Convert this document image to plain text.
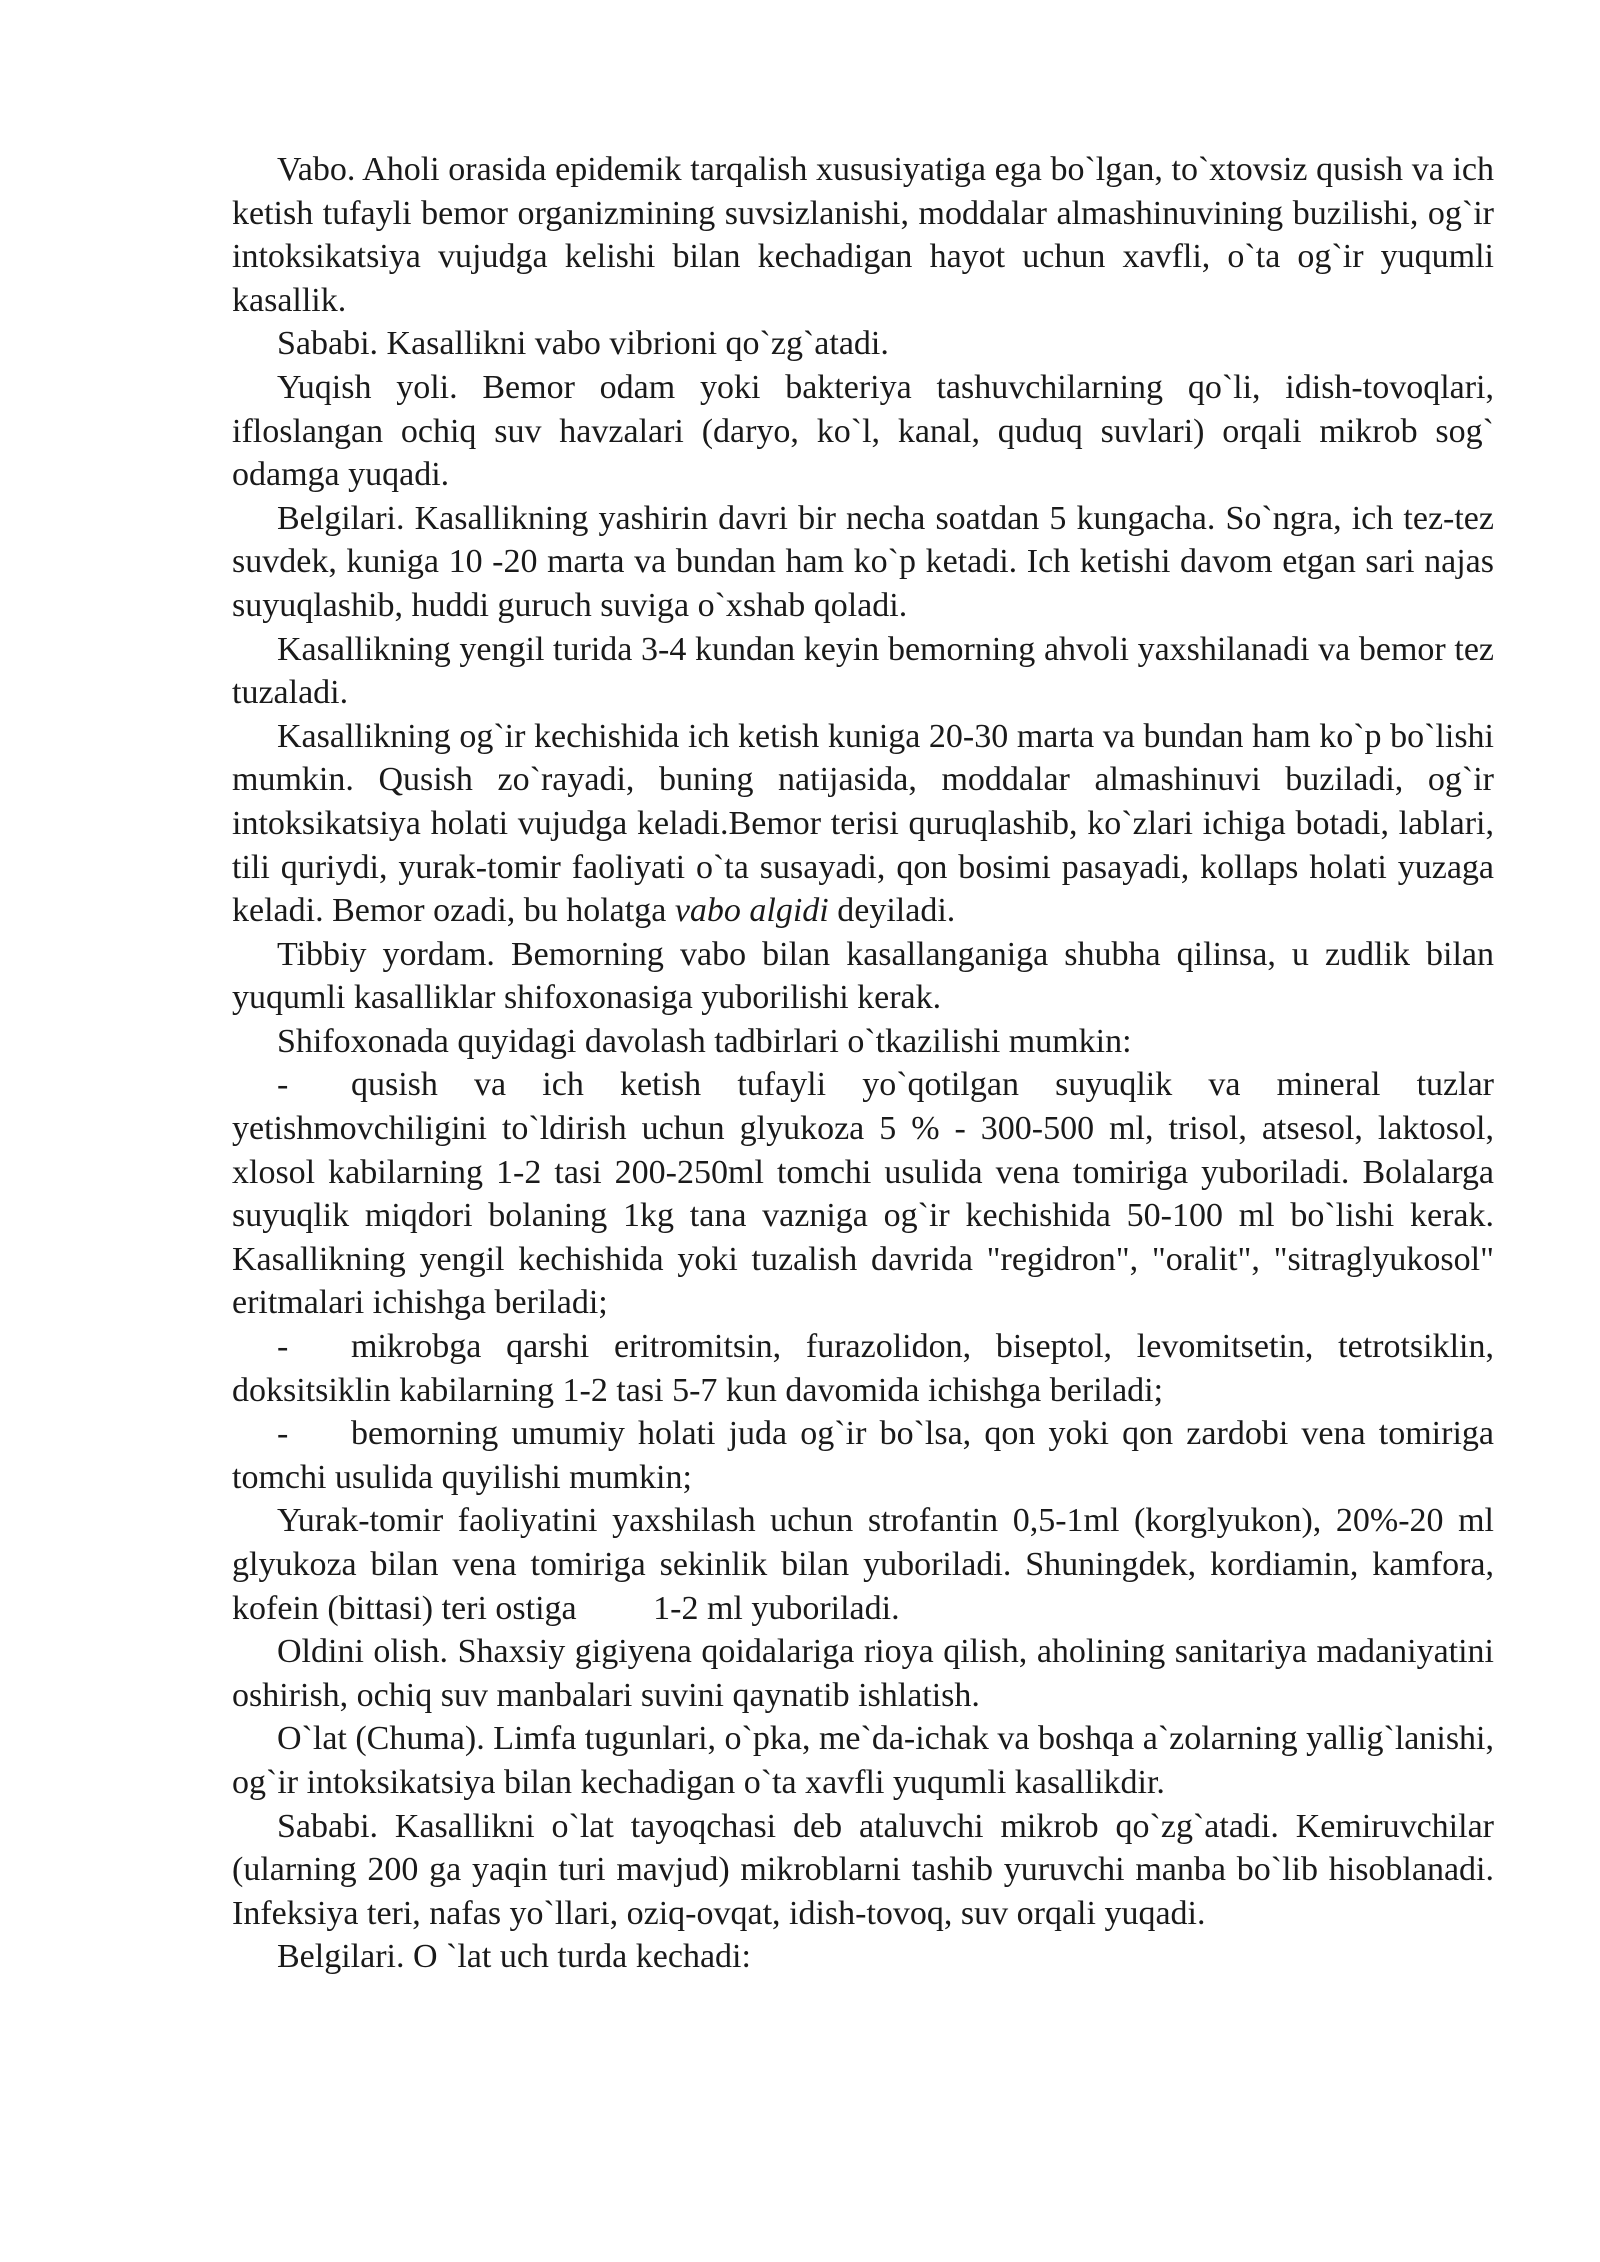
Vabo. Aholi orasida epidemik tarqalish xususiyatiga ega bo`lgan, to`xtovsiz qusish va ich ketish tufayli bemor organizmining suvsizlanishi, moddalar almashinuvining buzilishi, og`ir intoksikatsiya vujudga kelishi bilan kechadigan hayot uchun xavfli, o`ta og`ir yuqumli kasallik.

Sababi. Kasallikni vabo vibrioni qo`zg`atadi.

Yuqish yoli. Bemor odam yoki bakteriya tashuvchilarning qo`li, idish-tovoqlari, ifloslangan ochiq suv havzalari (daryo, ko`l, kanal, quduq suvlari) orqali mikrob sog` odamga yuqadi.

Belgilari. Kasallikning yashirin davri bir necha soatdan 5 kungacha. So`ngra, ich tez-tez suvdek, kuniga 10 -20 marta va bundan ham ko`p ketadi. Ich ketishi davom etgan sari najas suyuqlashib, huddi guruch suviga o`xshab qoladi.

Kasallikning yengil turida 3-4 kundan keyin bemorning ahvoli yaxshilanadi va bemor tez tuzaladi.

Kasallikning og`ir kechishida ich ketish kuniga 20-30 marta va bundan ham ko`p bo`lishi mumkin. Qusish zo`rayadi, buning natijasida, moddalar almashinuvi buziladi, og`ir intoksikatsiya holati vujudga keladi.Bemor terisi quruqlashib, ko`zlari ichiga botadi, lablari, tili quriydi, yurak-tomir faoliyati o`ta susayadi, qon bosimi pasayadi, kollaps holati yuzaga keladi. Bemor ozadi, bu holatga vabo algidi deyiladi.

Tibbiy yordam. Bemorning vabo bilan kasallanganiga shubha qilinsa, u zudlik bilan yuqumli kasalliklar shifoxonasiga yuborilishi kerak.

Shifoxonada quyidagi davolash tadbirlari o`tkazilishi mumkin:

- qusish va ich ketish tufayli yo`qotilgan suyuqlik va mineral tuzlar yetishmovchiligini to`ldirish uchun glyukoza 5 % - 300-500 ml, trisol, atsesol, laktosol, xlosol kabilarning 1-2 tasi 200-250ml tomchi usulida vena tomiriga yuboriladi. Bolalarga suyuqlik miqdori bolaning 1kg tana vazniga og`ir kechishida 50-100 ml bo`lishi kerak. Kasallikning yengil kechishida yoki tuzalish davrida "regidron", "oralit", "sitraglyukosol" eritmalari ichishga beriladi;

- mikrobga qarshi eritromitsin, furazolidon, biseptol, levomitsetin, tetrotsiklin, doksitsiklin kabilarning 1-2 tasi 5-7 kun davomida ichishga beriladi;

- bemorning umumiy holati juda og`ir bo`lsa, qon yoki qon zardobi vena tomiriga tomchi usulida quyilishi mumkin;

Yurak-tomir faoliyatini yaxshilash uchun strofantin 0,5-1ml (korglyukon), 20%-20 ml glyukoza bilan vena tomiriga sekinlik bilan yuboriladi. Shuningdek, kordiamin, kamfora, kofein (bittasi) teri ostiga         1-2 ml yuboriladi.

Oldini olish. Shaxsiy gigiyena qoidalariga rioya qilish, aholining sanitariya madaniyatini oshirish, ochiq suv manbalari suvini qaynatib ishlatish.

O`lat (Chuma). Limfa tugunlari, o`pka, me`da-ichak va boshqa a`zolarning yallig`lanishi, og`ir intoksikatsiya bilan kechadigan o`ta xavfli yuqumli kasallikdir.

Sababi. Kasallikni o`lat tayoqchasi deb ataluvchi mikrob qo`zg`atadi. Kemiruvchilar (ularning 200 ga yaqin turi mavjud) mikroblarni tashib yuruvchi manba bo`lib hisoblanadi. Infeksiya teri, nafas yo`llari, oziq-ovqat, idish-tovoq, suv orqali yuqadi.

Belgilari. O `lat uch turda kechadi:
